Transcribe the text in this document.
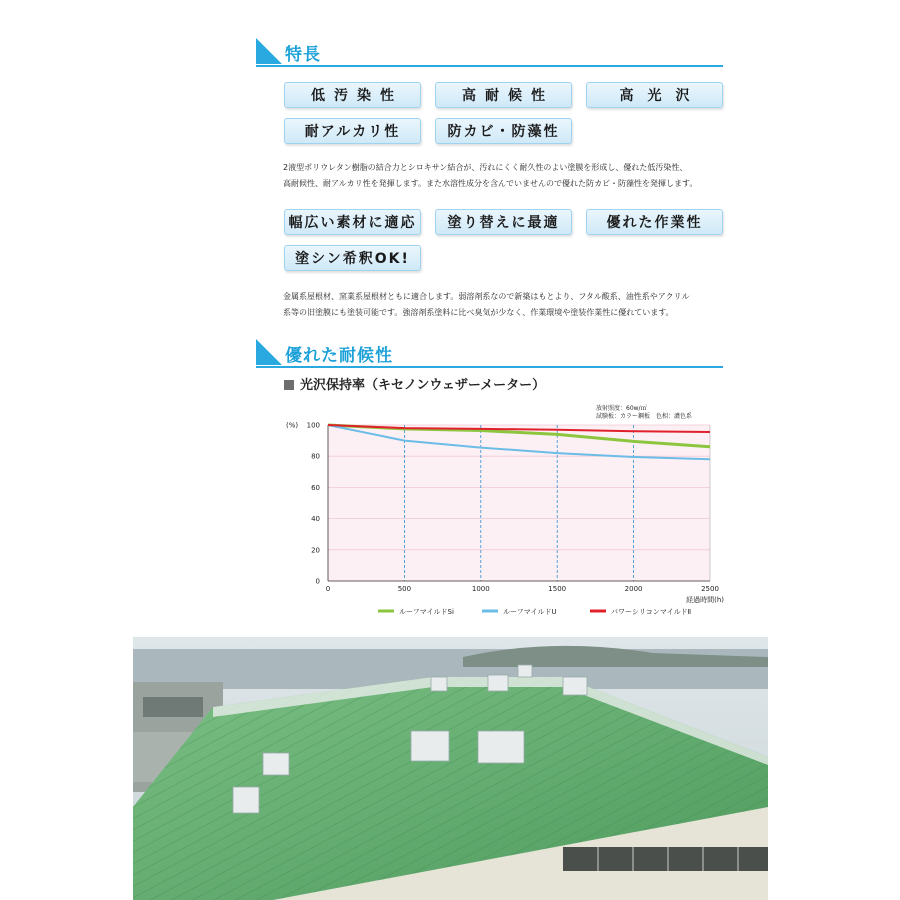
特長
低汚染性	高耐候性	高　光　沢
耐アルカリ性	防カビ・防藻性
2液型ポリウレタン樹脂の結合力とシロキサン結合が、汚れにくく耐久性のよい塗膜を形成し、優れた低汚染性、
高耐候性、耐アルカリ性を発揮します。また水溶性成分を含んでいませんので優れた防カビ・防藻性を発揮します。
幅広い素材に適応	塗り替えに最適	優れた作業性
塗シン希釈OK!
金属系屋根材、窯業系屋根材ともに適合します。弱溶剤系なので新築はもとより、フタル酸系、油性系やアクリル
系等の旧塗膜にも塗装可能です。強溶剤系塗料に比べ臭気が少なく、作業環境や塗装作業性に優れています。
優れた耐候性
光沢保持率（キセノンウェザーメーター）
0
20
40
60
80
100
0	500	1000	1500	2000	2500
(%)
経過時間(h)
放射照度：60w/㎡
試験板：カラー鋼板　色相：濃色系
ルーフマイルドSi	ルーフマイルドU	パワーシリコンマイルドⅡ
